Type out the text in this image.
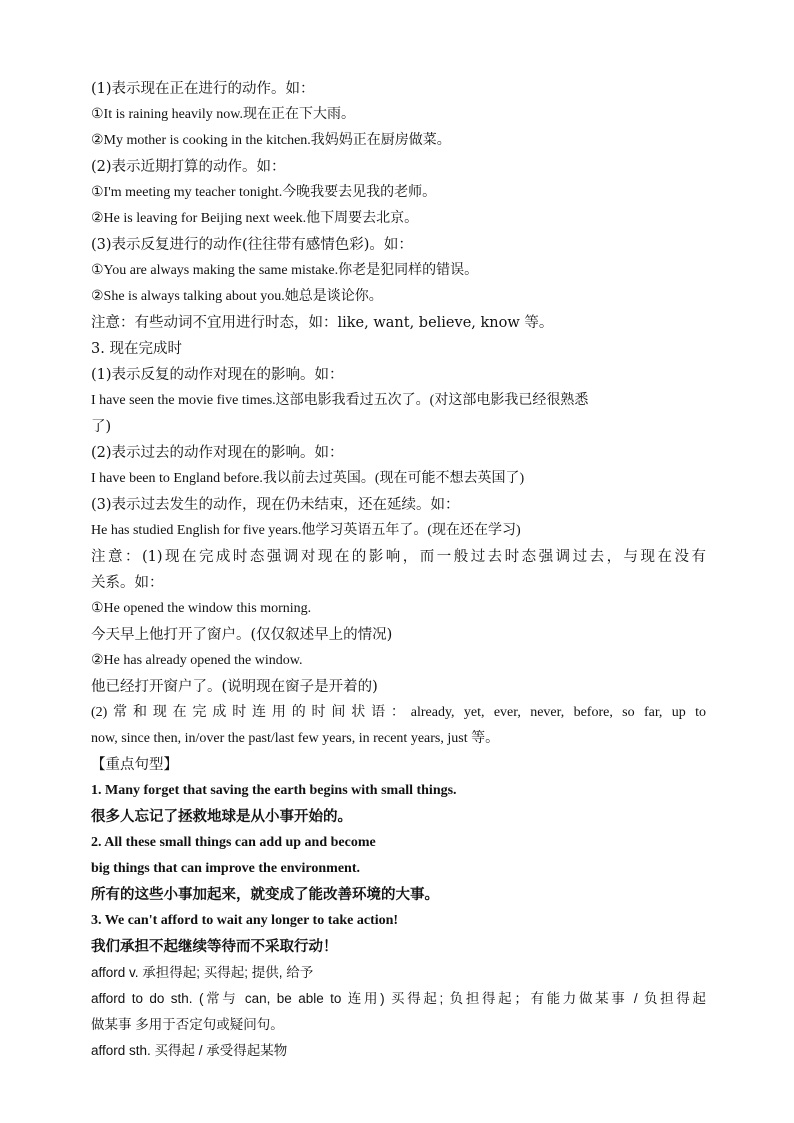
(1)表示现在正在进行的动作。如：
①It is raining heavily now.现在正在下大雨。
②My mother is cooking in the kitchen.我妈妈正在厨房做菜。
(2)表示近期打算的动作。如：
①I'm meeting my teacher tonight.今晚我要去见我的老师。
②He is leaving for Beijing next week.他下周要去北京。
(3)表示反复进行的动作(往往带有感情色彩)。如：
①You are always making the same mistake.你老是犯同样的错误。
②She is always talking about you.她总是谈论你。
注意：有些动词不宜用进行时态，如：like, want, believe, know 等。
3. 现在完成时
(1)表示反复的动作对现在的影响。如：
I have seen the movie five times.这部电影我看过五次了。(对这部电影我已经很熟悉
了)
(2)表示过去的动作对现在的影响。如：
I have been to England before.我以前去过英国。(现在可能不想去英国了)
(3)表示过去发生的动作，现在仍未结束，还在延续。如：
He has studied English for five years.他学习英语五年了。(现在还在学习)
注意：(1)现在完成时态强调对现在的影响，而一般过去时态强调过去，与现在没有
关系。如：
①He opened the window this morning.
今天早上他打开了窗户。(仅仅叙述早上的情况)
②He has already opened the window.
他已经打开窗户了。(说明现在窗子是开着的)
(2)常和现在完成时连用的时间状语：already, yet, ever, never, before, so far, up to
now, since then, in/over the past/last few years, in recent years, just 等。
【重点句型】
1. Many forget that saving the earth begins with small things.
很多人忘记了拯救地球是从小事开始的。
2. All these small things can add up and become
big things that can improve the environment.
所有的这些小事加起来，就变成了能改善环境的大事。
3. We can't afford to wait any longer to take action!
我们承担不起继续等待而不采取行动！
afford v. 承担得起; 买得起; 提供, 给予
afford to do sth. (常与 can, be able to 连用) 买得起; 负担得起；有能力做某事 / 负担得起
做某事 多用于否定句或疑问句。
afford sth. 买得起 / 承受得起某物
